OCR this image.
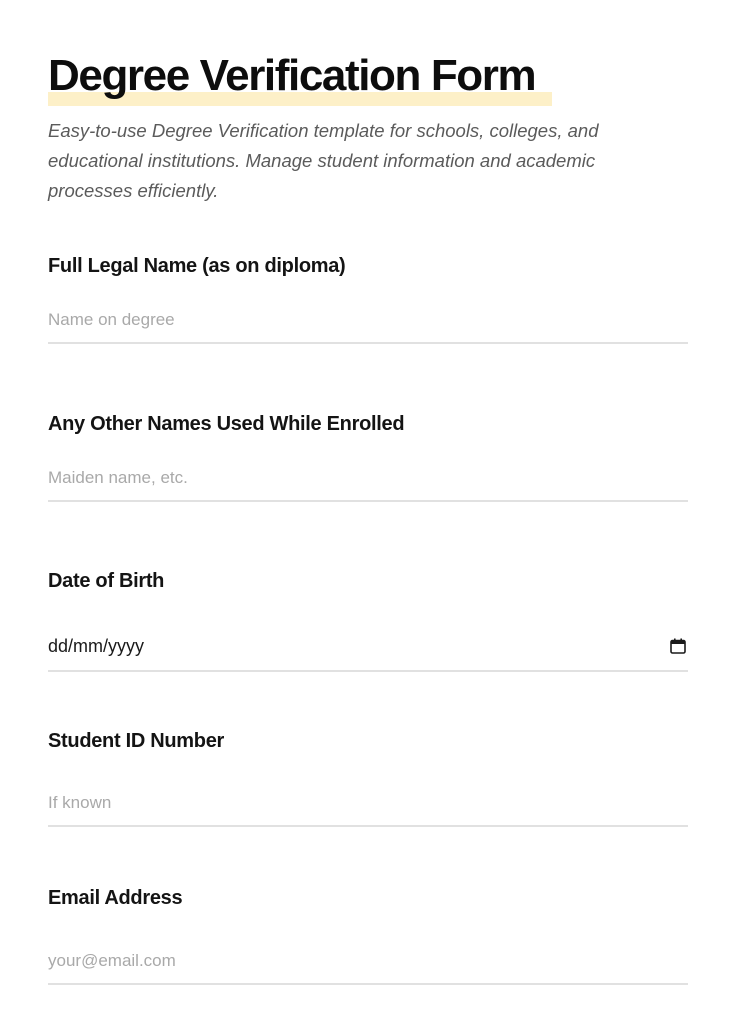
Degree Verification Form

Easy-to-use Degree Verification template for schools, colleges, and educational institutions. Manage student information and academic processes efficiently.

Full Legal Name (as on diploma)
Name on degree
Any Other Names Used While Enrolled
Maiden name, etc.
Date of Birth
dd/mm/yyyy
Student ID Number
If known
Email Address
your@email.com
